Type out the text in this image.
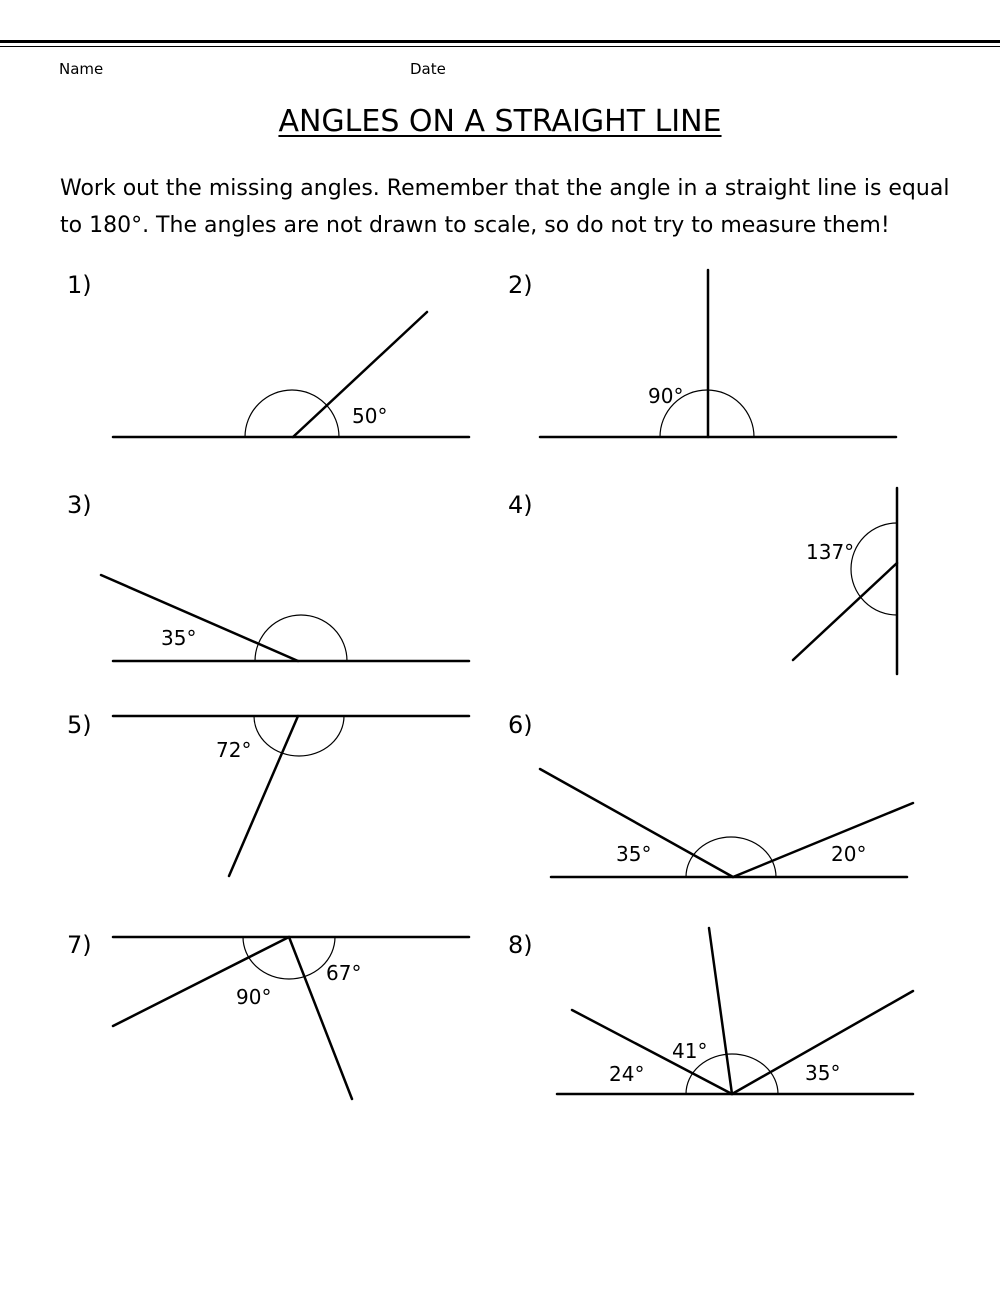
Name	Date
ANGLES ON A STRAIGHT LINE
Work out the missing angles. Remember that the angle in a straight line is equal to 180°. The angles are not drawn to scale, so do not try to measure them!
1)
50°
2)
90°
3)
35°
4)
137°
5)
72°
6)
35°	20°
7)
90°
67°
8)
24°
41°
35°
